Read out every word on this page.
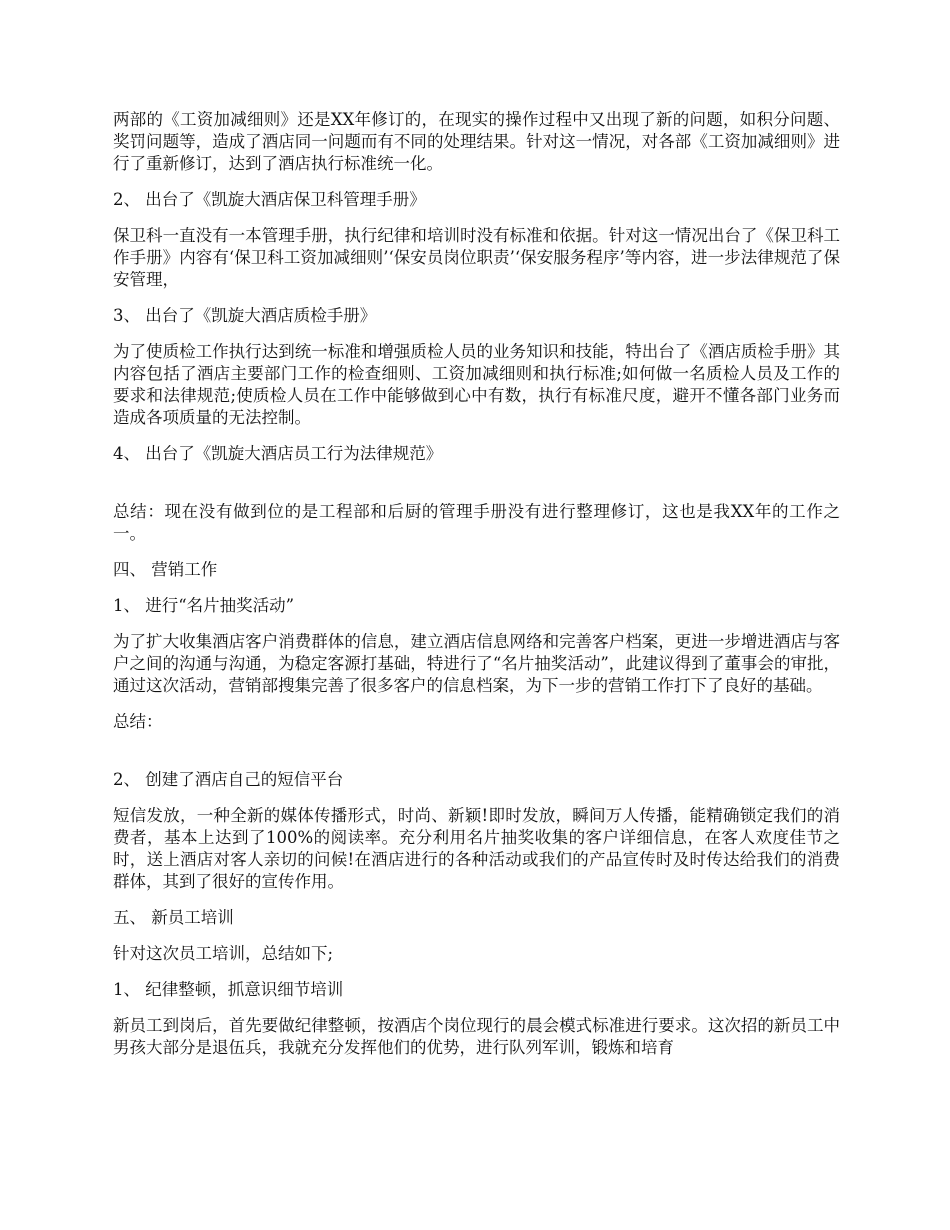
两部的《工资加减细则》还是XX年修订的，在现实的操作过程中又出现了新的问题，如积分问题、奖罚问题等，造成了酒店同一问题而有不同的处理结果。针对这一情况，对各部《工资加减细则》进行了重新修订，达到了酒店执行标准统一化。

2、 出台了《凯旋大酒店保卫科管理手册》

保卫科一直没有一本管理手册，执行纪律和培训时没有标准和依据。针对这一情况出台了《保卫科工作手册》内容有‘保卫科工资加减细则’‘保安员岗位职责’‘保安服务程序’等内容，进一步法律规范了保安管理，

3、 出台了《凯旋大酒店质检手册》

为了使质检工作执行达到统一标准和增强质检人员的业务知识和技能，特出台了《酒店质检手册》其内容包括了酒店主要部门工作的检查细则、工资加减细则和执行标准;如何做一名质检人员及工作的要求和法律规范;使质检人员在工作中能够做到心中有数，执行有标准尺度，避开不懂各部门业务而造成各项质量的无法控制。

4、 出台了《凯旋大酒店员工行为法律规范》

总结：现在没有做到位的是工程部和后厨的管理手册没有进行整理修订，这也是我XX年的工作之一。

四、 营销工作

1、 进行“名片抽奖活动”

为了扩大收集酒店客户消费群体的信息，建立酒店信息网络和完善客户档案，更进一步增进酒店与客户之间的沟通与沟通，为稳定客源打基础，特进行了“名片抽奖活动”，此建议得到了董事会的审批，通过这次活动，营销部搜集完善了很多客户的信息档案，为下一步的营销工作打下了良好的基础。

总结：

2、 创建了酒店自己的短信平台

短信发放，一种全新的媒体传播形式，时尚、新颖!即时发放，瞬间万人传播，能精确锁定我们的消费者，基本上达到了100%的阅读率。充分利用名片抽奖收集的客户详细信息，在客人欢度佳节之时，送上酒店对客人亲切的问候!在酒店进行的各种活动或我们的产品宣传时及时传达给我们的消费群体，其到了很好的宣传作用。

五、 新员工培训

针对这次员工培训，总结如下;

1、 纪律整顿，抓意识细节培训

新员工到岗后，首先要做纪律整顿，按酒店个岗位现行的晨会模式标准进行要求。这次招的新员工中男孩大部分是退伍兵，我就充分发挥他们的优势，进行队列军训，锻炼和培育
